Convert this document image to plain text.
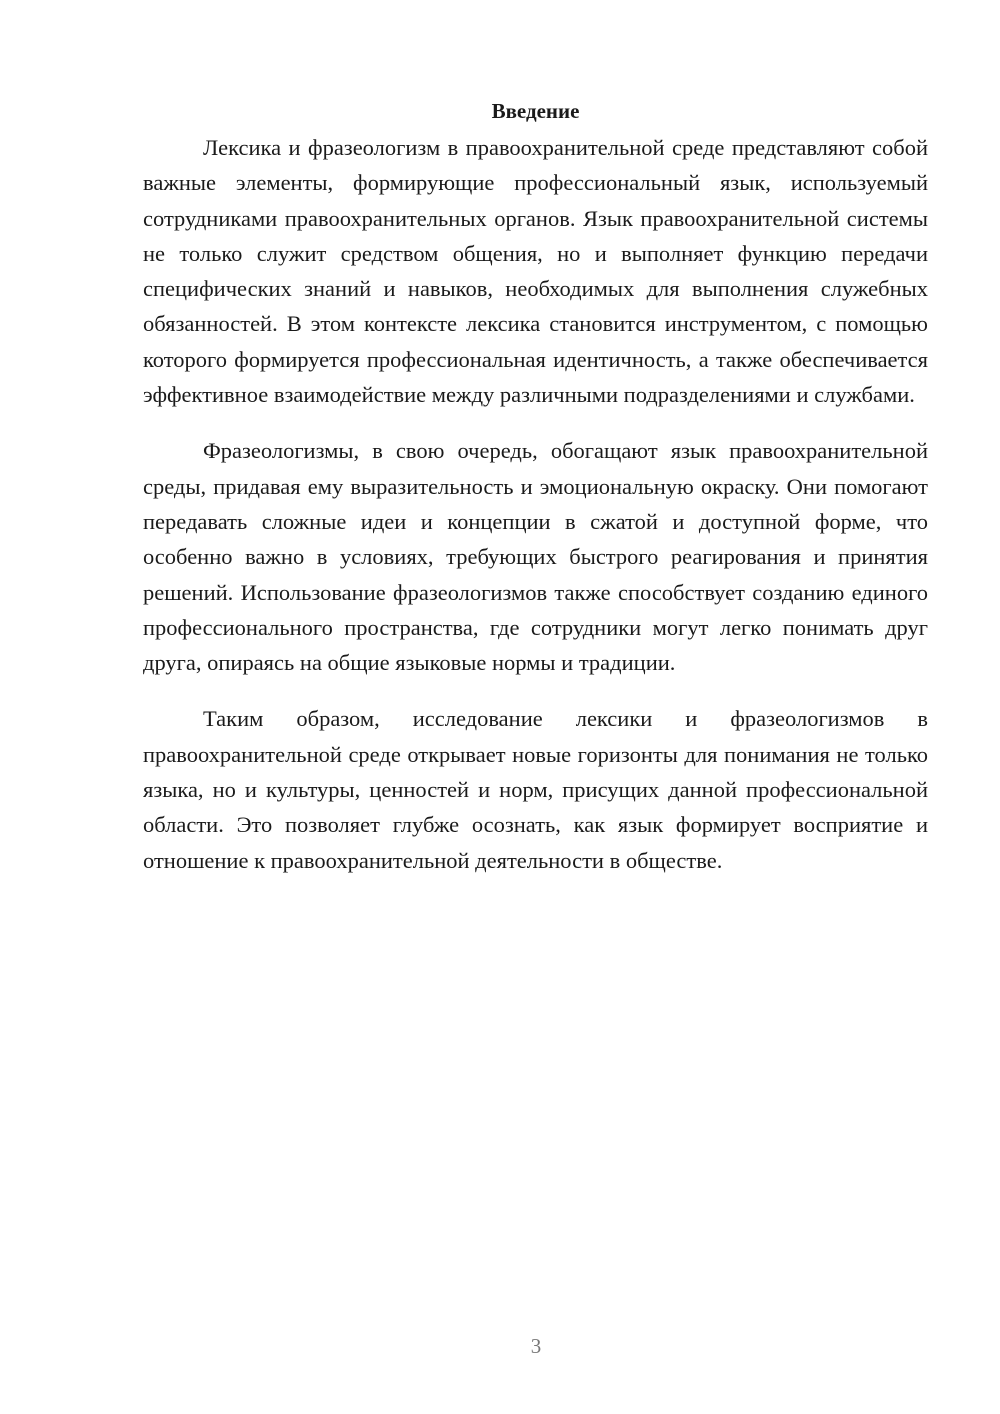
Введение

Лексика и фразеологизм в правоохранительной среде представляют собой важные элементы, формирующие профессиональный язык, используемый сотрудниками правоохранительных органов. Язык правоохранительной системы не только служит средством общения, но и выполняет функцию передачи специфических знаний и навыков, необходимых для выполнения служебных обязанностей. В этом контексте лексика становится инструментом, с помощью которого формируется профессиональная идентичность, а также обеспечивается эффективное взаимодействие между различными подразделениями и службами.

Фразеологизмы, в свою очередь, обогащают язык правоохранительной среды, придавая ему выразительность и эмоциональную окраску. Они помогают передавать сложные идеи и концепции в сжатой и доступной форме, что особенно важно в условиях, требующих быстрого реагирования и принятия решений. Использование фразеологизмов также способствует созданию единого профессионального пространства, где сотрудники могут легко понимать друг друга, опираясь на общие языковые нормы и традиции.

Таким образом, исследование лексики и фразеологизмов в правоохранительной среде открывает новые горизонты для понимания не только языка, но и культуры, ценностей и норм, присущих данной профессиональной области. Это позволяет глубже осознать, как язык формирует восприятие и отношение к правоохранительной деятельности в обществе.

3
